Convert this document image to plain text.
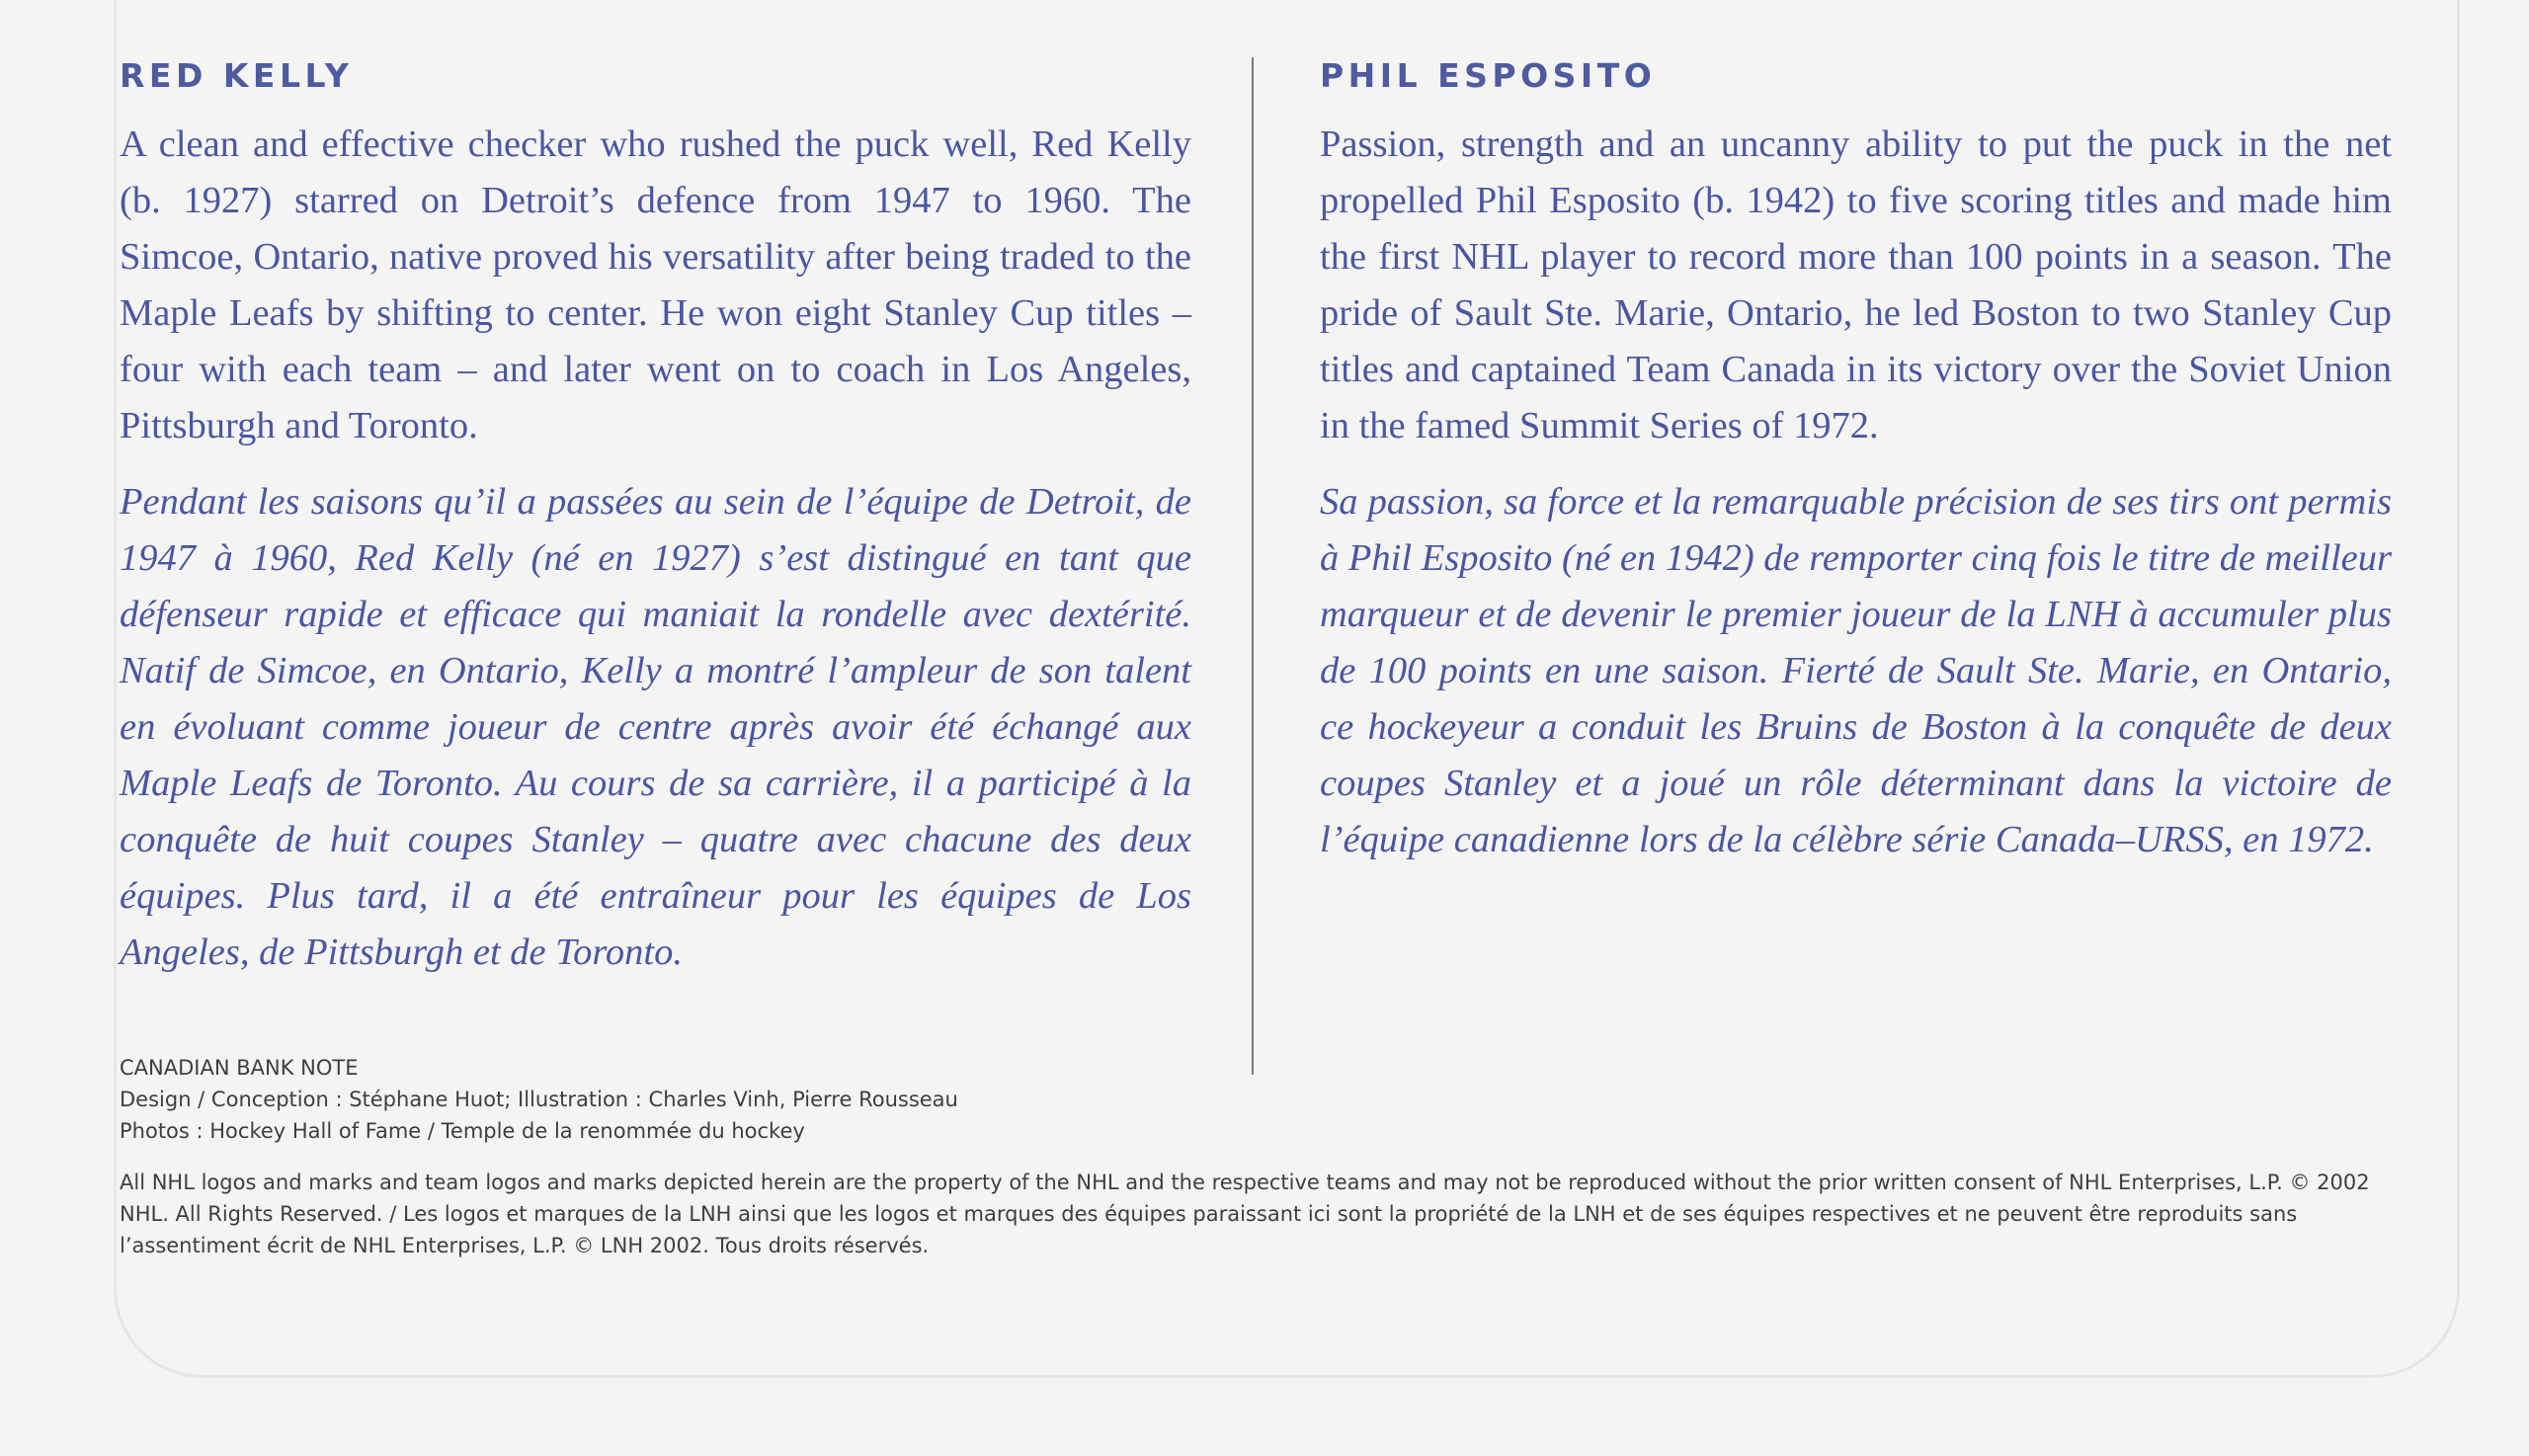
RED KELLY

A clean and effective checker who rushed the puck well, Red Kelly (b. 1927) starred on Detroit’s defence from 1947 to 1960. The Simcoe, Ontario, native proved his versatility after being traded to the Maple Leafs by shifting to center. He won eight Stanley Cup titles – four with each team – and later went on to coach in Los Angeles, Pittsburgh and Toronto.

Pendant les saisons qu’il a passées au sein de l’équipe de Detroit, de 1947 à 1960, Red Kelly (né en 1927) s’est distingué en tant que défenseur rapide et efficace qui maniait la rondelle avec dextérité. Natif de Simcoe, en Ontario, Kelly a montré l’ampleur de son talent en évoluant comme joueur de centre après avoir été échangé aux Maple Leafs de Toronto. Au cours de sa carrière, il a participé à la conquête de huit coupes Stanley – quatre avec chacune des deux équipes. Plus tard, il a été entraîneur pour les équipes de Los Angeles, de Pittsburgh et de Toronto.

PHIL ESPOSITO

Passion, strength and an uncanny ability to put the puck in the net propelled Phil Esposito (b. 1942) to five scoring titles and made him the first NHL player to record more than 100 points in a season. The pride of Sault Ste. Marie, Ontario, he led Boston to two Stanley Cup titles and captained Team Canada in its victory over the Soviet Union in the famed Summit Series of 1972.

Sa passion, sa force et la remarquable précision de ses tirs ont permis à Phil Esposito (né en 1942) de remporter cinq fois le titre de meilleur marqueur et de devenir le premier joueur de la LNH à accumuler plus de 100 points en une saison. Fierté de Sault Ste. Marie, en Ontario, ce hockeyeur a conduit les Bruins de Boston à la conquête de deux coupes Stanley et a joué un rôle déterminant dans la victoire de l’équipe canadienne lors de la célèbre série Canada–URSS, en 1972.

CANADIAN BANK NOTE

Design / Conception : Stéphane Huot; Illustration : Charles Vinh, Pierre Rousseau

Photos : Hockey Hall of Fame / Temple de la renommée du hockey

All NHL logos and marks and team logos and marks depicted herein are the property of the NHL and the respective teams and may not be reproduced without the prior written consent of NHL Enterprises, L.P. © 2002 NHL. All Rights Reserved. / Les logos et marques de la LNH ainsi que les logos et marques des équipes paraissant ici sont la propriété de la LNH et de ses équipes respectives et ne peuvent être reproduits sans l’assentiment écrit de NHL Enterprises, L.P. © LNH 2002. Tous droits réservés.
